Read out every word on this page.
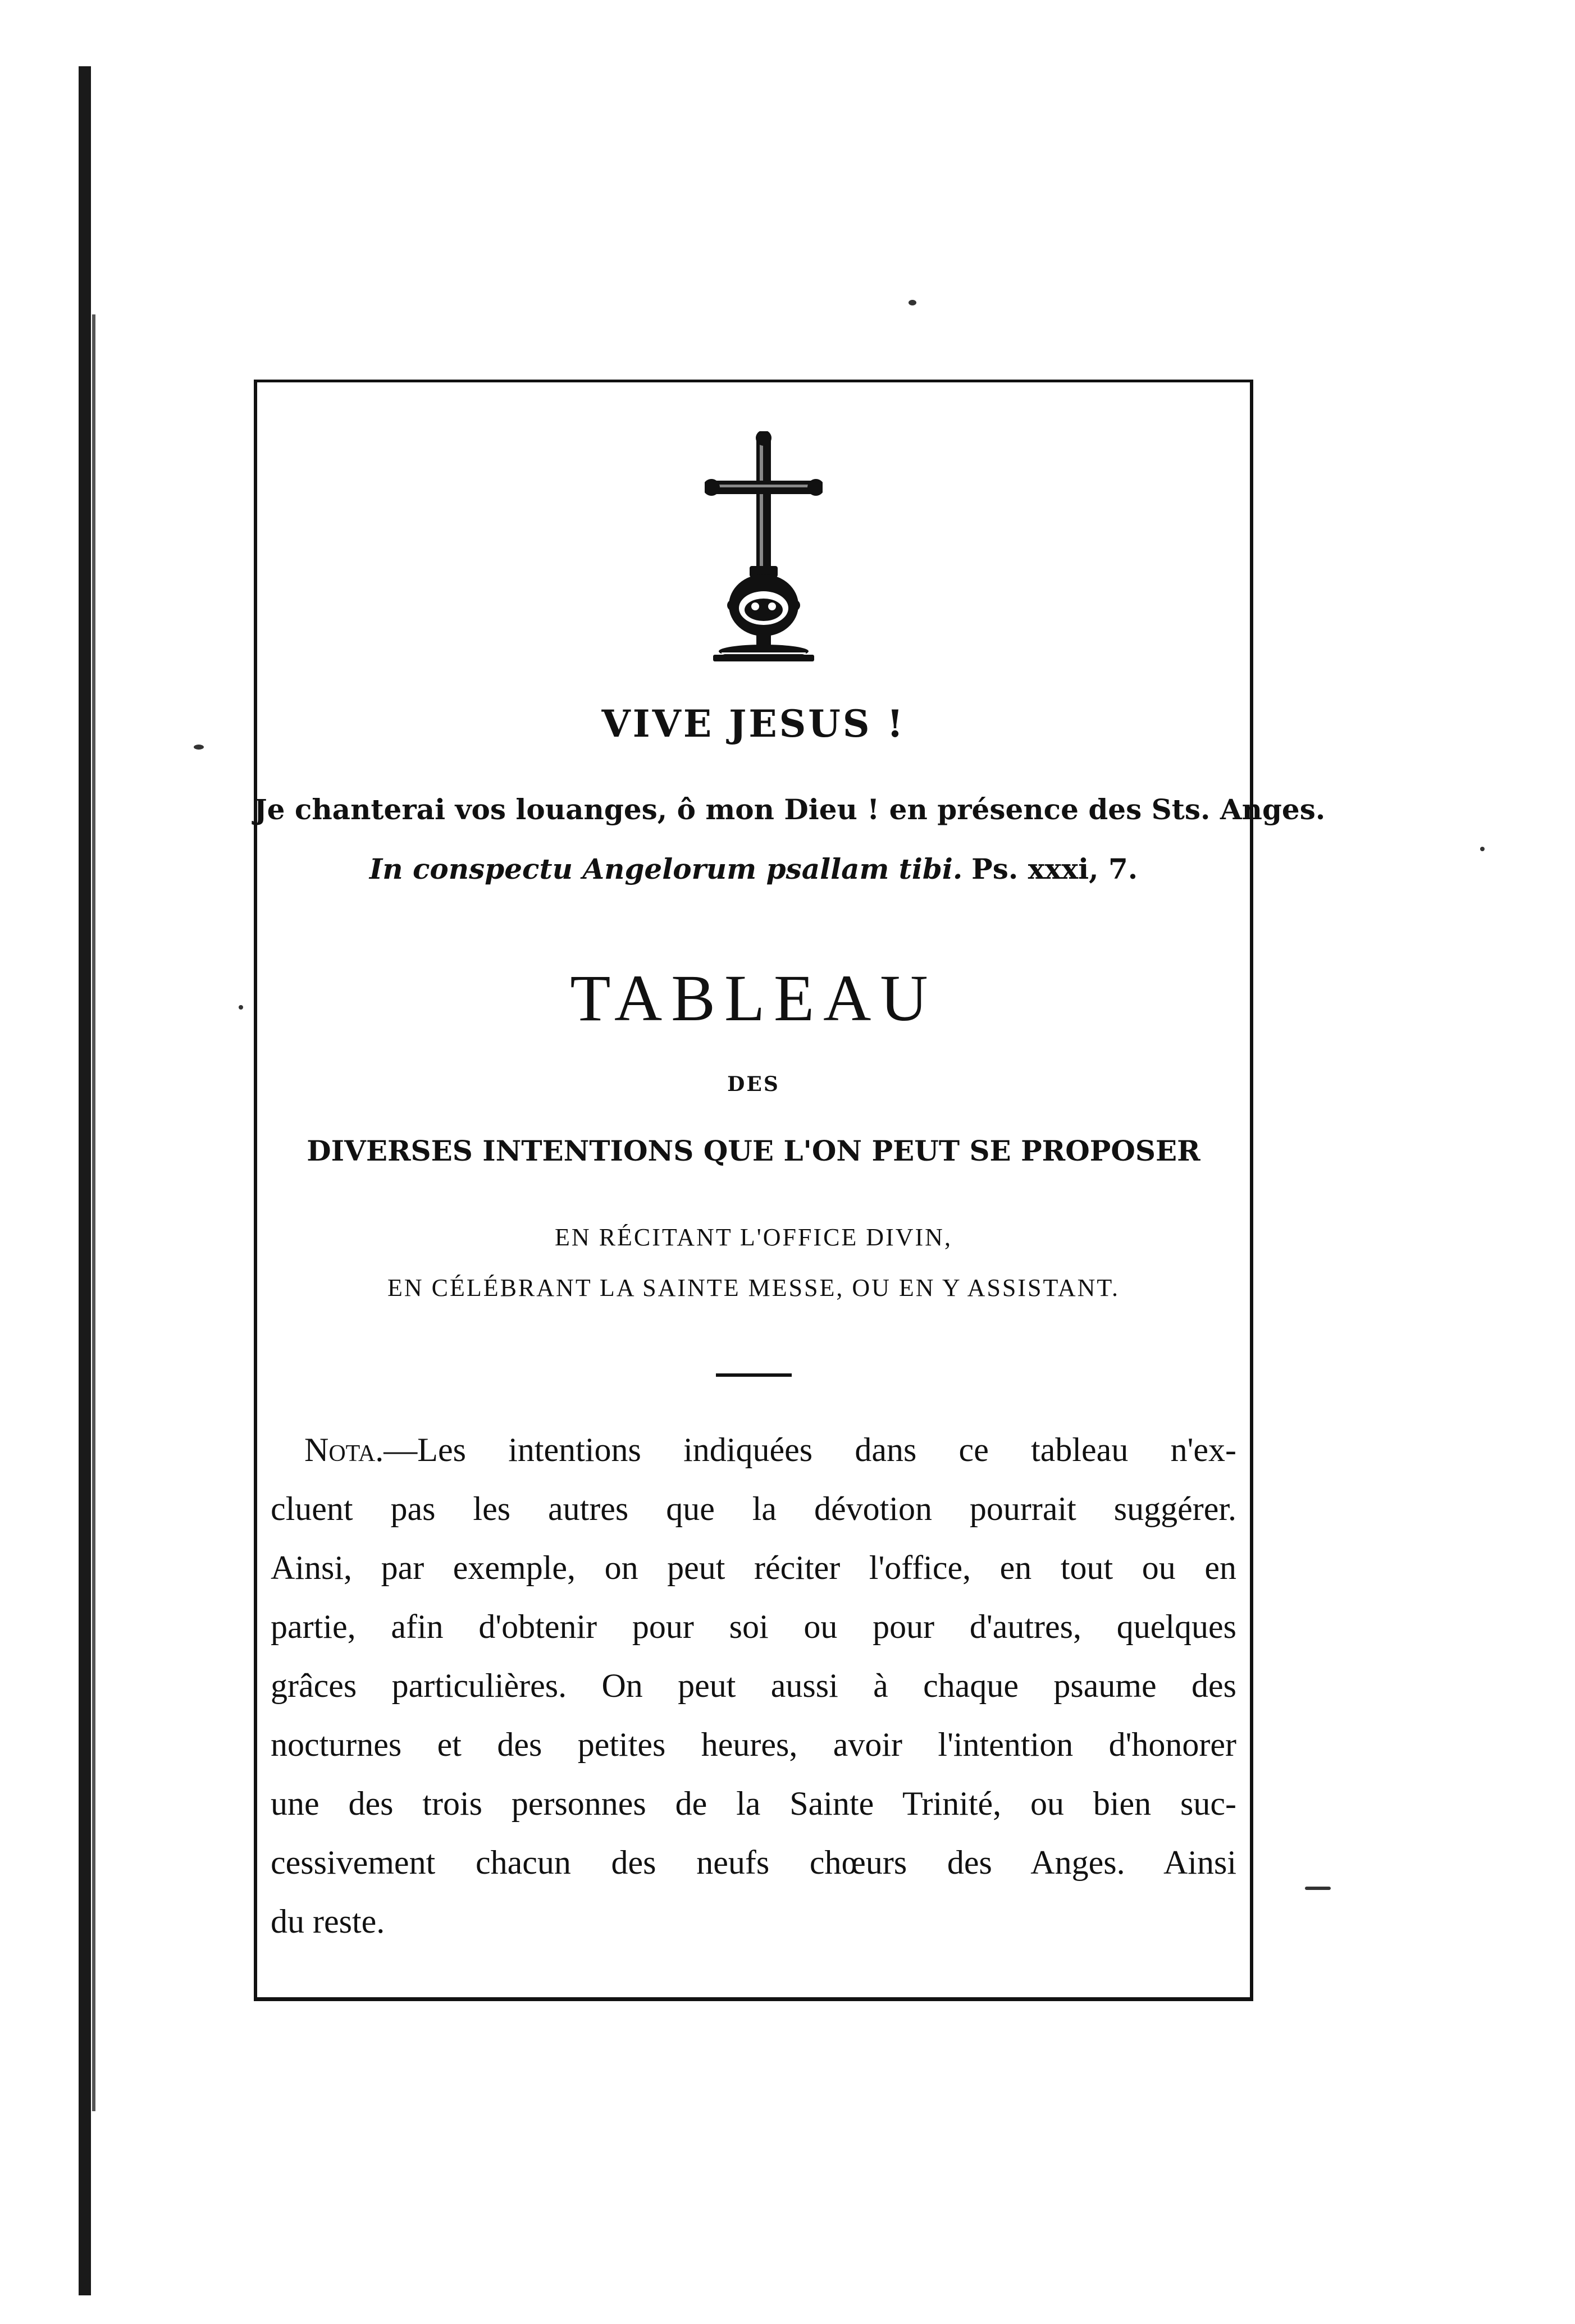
VIVE JESUS !
Je chanterai vos louanges, ô mon Dieu ! en présence des Sts. Anges.
In conspectu Angelorum psallam tibi. Ps. xxxi, 7.
TABLEAU
DES
DIVERSES INTENTIONS QUE L'ON PEUT SE PROPOSER
EN RÉCITANT L'OFFICE DIVIN,
EN CÉLÉBRANT LA SAINTE MESSE, OU EN Y ASSISTANT.
Nota.—Les intentions indiquées dans ce tableau n'ex-
cluent pas les autres que la dévotion pourrait suggérer.
Ainsi, par exemple, on peut réciter l'office, en tout ou en
partie, afin d'obtenir pour soi ou pour d'autres, quelques
grâces particulières. On peut aussi à chaque psaume des
nocturnes et des petites heures, avoir l'intention d'honorer
une des trois personnes de la Sainte Trinité, ou bien suc-
cessivement chacun des neufs chœurs des Anges. Ainsi
du reste.
